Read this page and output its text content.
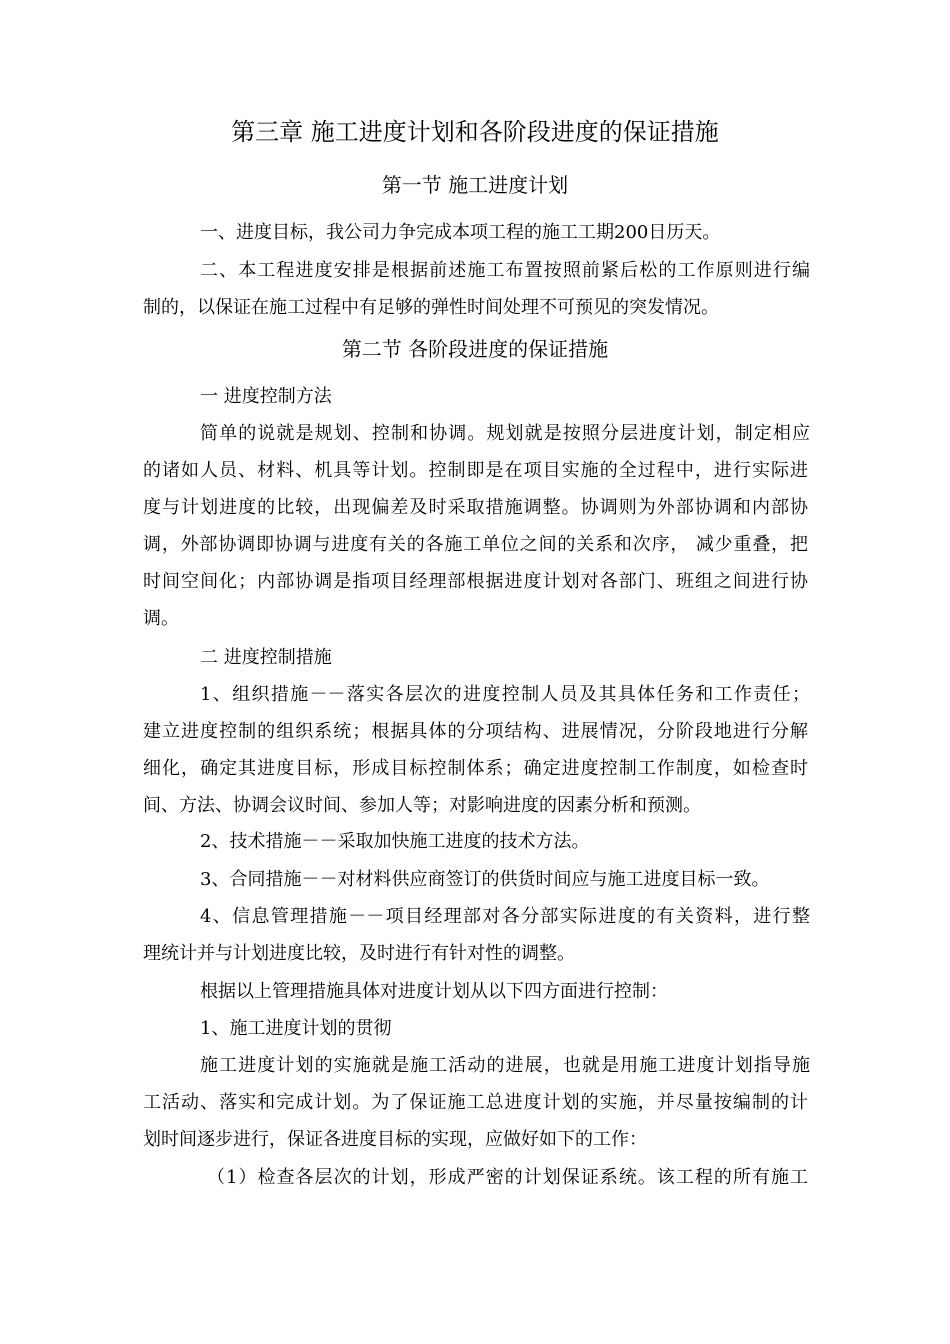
第三章 施工进度计划和各阶段进度的保证措施
第一节 施工进度计划
一、进度目标，我公司力争完成本项工程的施工工期200日历天。
二、本工程进度安排是根据前述施工布置按照前紧后松的工作原则进行编
制的，以保证在施工过程中有足够的弹性时间处理不可预见的突发情况。
第二节 各阶段进度的保证措施
一 进度控制方法
简单的说就是规划、控制和协调。规划就是按照分层进度计划，制定相应
的诸如人员、材料、机具等计划。控制即是在项目实施的全过程中，进行实际进
度与计划进度的比较，出现偏差及时采取措施调整。协调则为外部协调和内部协
调，外部协调即协调与进度有关的各施工单位之间的关系和次序， 减少重叠，把
时间空间化；内部协调是指项目经理部根据进度计划对各部门、班组之间进行协
调。
二 进度控制措施
1、组织措施－－落实各层次的进度控制人员及其具体任务和工作责任；
建立进度控制的组织系统；根据具体的分项结构、进展情况，分阶段地进行分解
细化，确定其进度目标，形成目标控制体系；确定进度控制工作制度，如检查时
间、方法、协调会议时间、参加人等；对影响进度的因素分析和预测。
2、技术措施－－采取加快施工进度的技术方法。
3、合同措施－－对材料供应商签订的供货时间应与施工进度目标一致。
4、信息管理措施－－项目经理部对各分部实际进度的有关资料，进行整
理统计并与计划进度比较，及时进行有针对性的调整。
根据以上管理措施具体对进度计划从以下四方面进行控制：
1、施工进度计划的贯彻
施工进度计划的实施就是施工活动的进展，也就是用施工进度计划指导施
工活动、落实和完成计划。为了保证施工总进度计划的实施，并尽量按编制的计
划时间逐步进行，保证各进度目标的实现，应做好如下的工作：
（1）检查各层次的计划，形成严密的计划保证系统。该工程的所有施工
